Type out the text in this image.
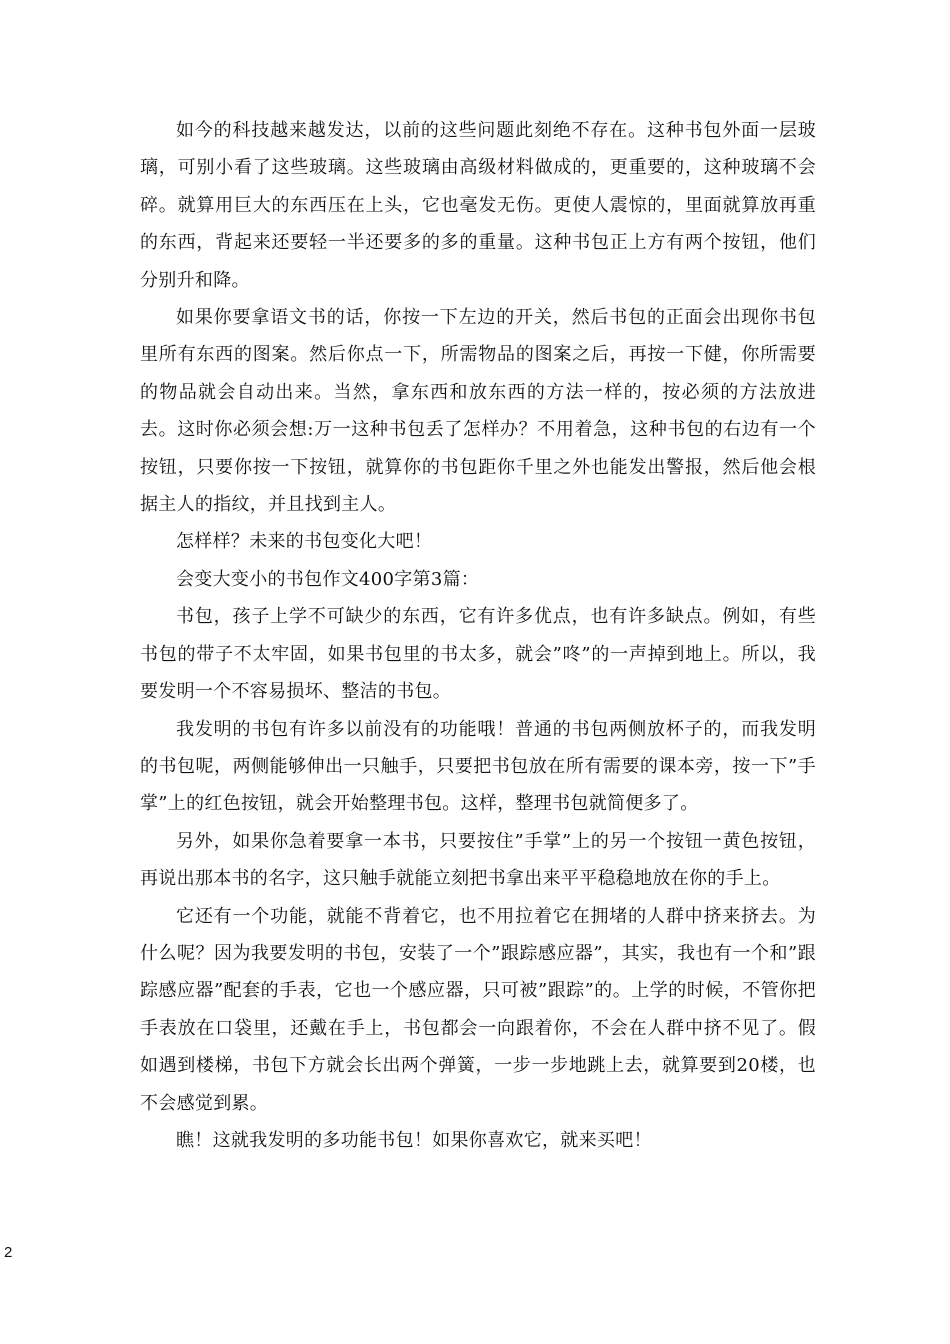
如今的科技越来越发达，以前的这些问题此刻绝不存在。这种书包外面一层玻璃，可别小看了这些玻璃。这些玻璃由高级材料做成的，更重要的，这种玻璃不会碎。就算用巨大的东西压在上头，它也毫发无伤。更使人震惊的，里面就算放再重的东西，背起来还要轻一半还要多的多的重量。这种书包正上方有两个按钮，他们分别升和降。

如果你要拿语文书的话，你按一下左边的开关，然后书包的正面会出现你书包里所有东西的图案。然后你点一下，所需物品的图案之后，再按一下健，你所需要的物品就会自动出来。当然，拿东西和放东西的方法一样的，按必须的方法放进去。这时你必须会想:万一这种书包丢了怎样办？不用着急，这种书包的右边有一个按钮，只要你按一下按钮，就算你的书包距你千里之外也能发出警报，然后他会根据主人的指纹，并且找到主人。

怎样样？未来的书包变化大吧！

会变大变小的书包作文400字第3篇：

书包，孩子上学不可缺少的东西，它有许多优点，也有许多缺点。例如，有些书包的带子不太牢固，如果书包里的书太多，就会”咚”的一声掉到地上。所以，我要发明一个不容易损坏、整洁的书包。

我发明的书包有许多以前没有的功能哦！普通的书包两侧放杯子的，而我发明的书包呢，两侧能够伸出一只触手，只要把书包放在所有需要的课本旁，按一下”手掌”上的红色按钮，就会开始整理书包。这样，整理书包就简便多了。

另外，如果你急着要拿一本书，只要按住”手掌”上的另一个按钮一黄色按钮，再说出那本书的名字，这只触手就能立刻把书拿出来平平稳稳地放在你的手上。

它还有一个功能，就能不背着它，也不用拉着它在拥堵的人群中挤来挤去。为什么呢？因为我要发明的书包，安装了一个”跟踪感应器”，其实，我也有一个和”跟踪感应器”配套的手表，它也一个感应器，只可被”跟踪”的。上学的时候，不管你把手表放在口袋里，还戴在手上，书包都会一向跟着你，不会在人群中挤不见了。假如遇到楼梯，书包下方就会长出两个弹簧，一步一步地跳上去，就算要到20楼，也不会感觉到累。

瞧！这就我发明的多功能书包！如果你喜欢它，就来买吧！

2
